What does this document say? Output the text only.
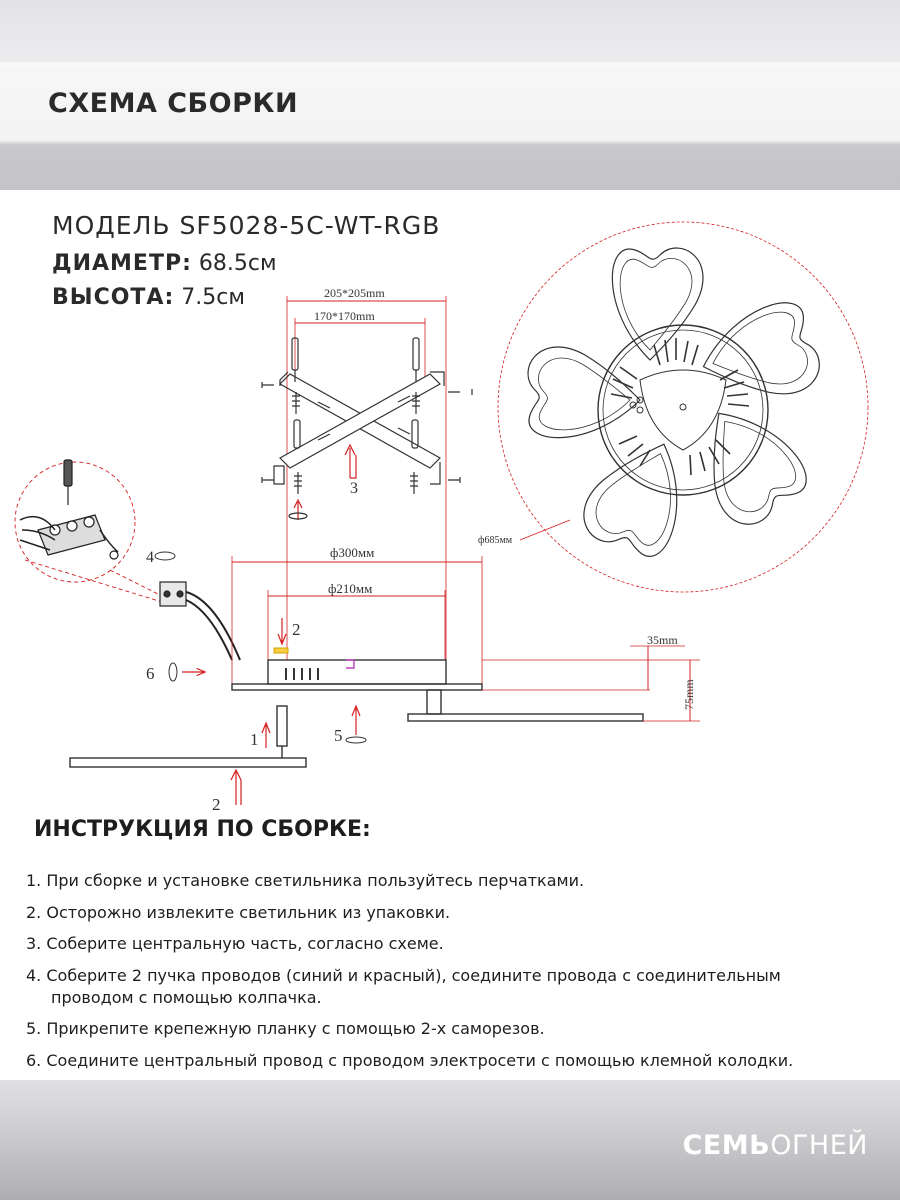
СХЕМА СБОРКИ

МОДЕЛЬ SF5028-5C-WT-RGB

ДИАМЕТР: 68.5см

ВЫСОТА: 7.5см	205*205mm
170*170mm
3
ф685мм
4	ф300мм
ф210мм
35mm
75mm
2
6
5
1
2
ИНСТРУКЦИЯ ПО СБОРКЕ:
1. При сборке и установке светильника пользуйтесь перчатками.
2. Осторожно извлеките светильник из упаковки.
3. Соберите центральную часть, согласно схеме.
4. Соберите 2 пучка проводов (синий и красный), соедините провода с соединительным
проводом с помощью колпачка.
5. Прикрепите крепежную планку с помощью 2-х саморезов.
6. Соедините центральный провод с проводом электросети с помощью клемной колодки.
СЕМЬОГНЕЙ
